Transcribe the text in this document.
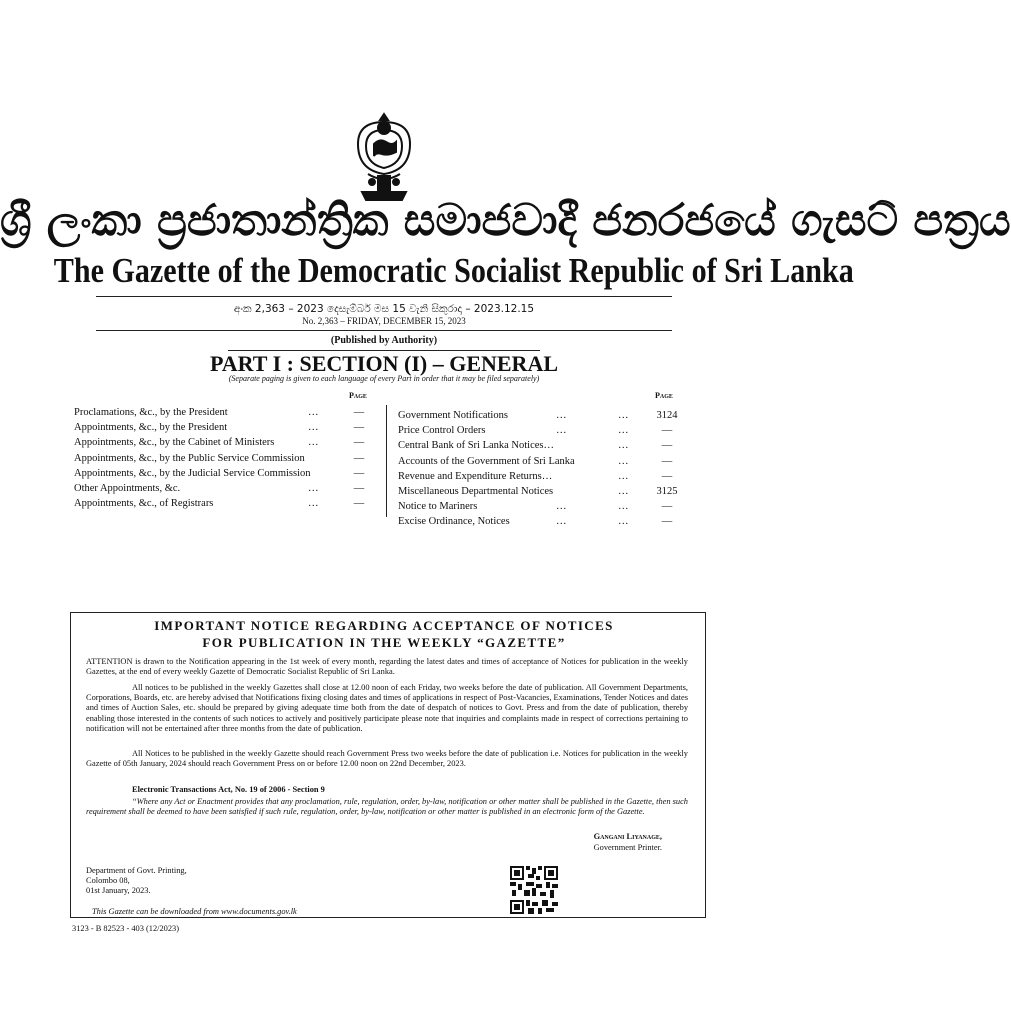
ශ්‍රී ලංකා ප්‍රජාතාන්ත්‍රික සමාජවාදී ජනරජයේ ගැසට් පත්‍රය
The Gazette of the Democratic Socialist Republic of Sri Lanka
අංක 2,363 – 2023 දෙසැම්බර් මස 15 වැනි සිකුරාදා – 2023.12.15
No. 2,363 – FRIDAY, DECEMBER 15, 2023
(Published by Authority)
PART I : SECTION (I) – GENERAL
(Separate paging is given to each language of every Part in order that it may be filed separately)
Page	Page
Proclamations, &c., by the President	…	—
Appointments, &c., by the President	…	—
Appointments, &c., by the Cabinet of Ministers	…	—
Appointments, &c., by the Public Service Commission	—
Appointments, &c., by the Judicial Service Commission	—
Other Appointments, &c.	…	—
Appointments, &c., of Registrars	…	—
Government Notifications	…	…	3124
Price Control Orders	…	…	—
Central Bank of Sri Lanka Notices…	…	—
Accounts of the Government of Sri Lanka	…	—
Revenue and Expenditure Returns…	…	—
Miscellaneous Departmental Notices	…	3125
Notice to Mariners	…	…	—
Excise Ordinance, Notices	…	…	—
IMPORTANT NOTICE REGARDING ACCEPTANCE OF NOTICES
FOR PUBLICATION IN THE WEEKLY “GAZETTE”
ATTENTION is drawn to the Notification appearing in the 1st week of every month, regarding the latest dates and times of acceptance of Notices for publication in the weekly Gazettes, at the end of every weekly Gazette of Democratic Socialist Republic of Sri Lanka.
All notices to be published in the weekly Gazettes shall close at 12.00 noon of each Friday, two weeks before the date of publication. All Government Departments, Corporations, Boards, etc. are hereby advised that Notifications fixing closing dates and times of applications in respect of Post-Vacancies, Examinations, Tender Notices and dates and times of Auction Sales, etc. should be prepared by giving adequate time both from the date of despatch of notices to Govt. Press and from the date of publication, thereby enabling those interested in the contents of such notices to actively and positively participate please note that inquiries and complaints made in respect of corrections pertaining to notification will not be entertained after three months from the date of publication.
All Notices to be published in the weekly Gazette should reach Government Press two weeks before the date of publication i.e. Notices for publication in the weekly Gazette of 05th January, 2024 should reach Government Press on or before 12.00 noon on 22nd December, 2023.
Electronic Transactions Act, No. 19 of 2006 - Section 9
“Where any Act or Enactment provides that any proclamation, rule, regulation, order, by-law, notification or other matter shall be published in the Gazette, then such requirement shall be deemed to have been satisfied if such rule, regulation, order, by-law, notification or other matter is published in an electronic form of the Gazette.
Gangani Liyanage,
Government Printer.
Department of Govt. Printing,
Colombo 08,
01st January, 2023.
This Gazette can be downloaded from www.documents.gov.lk
3123 - B 82523 - 403 (12/2023)
